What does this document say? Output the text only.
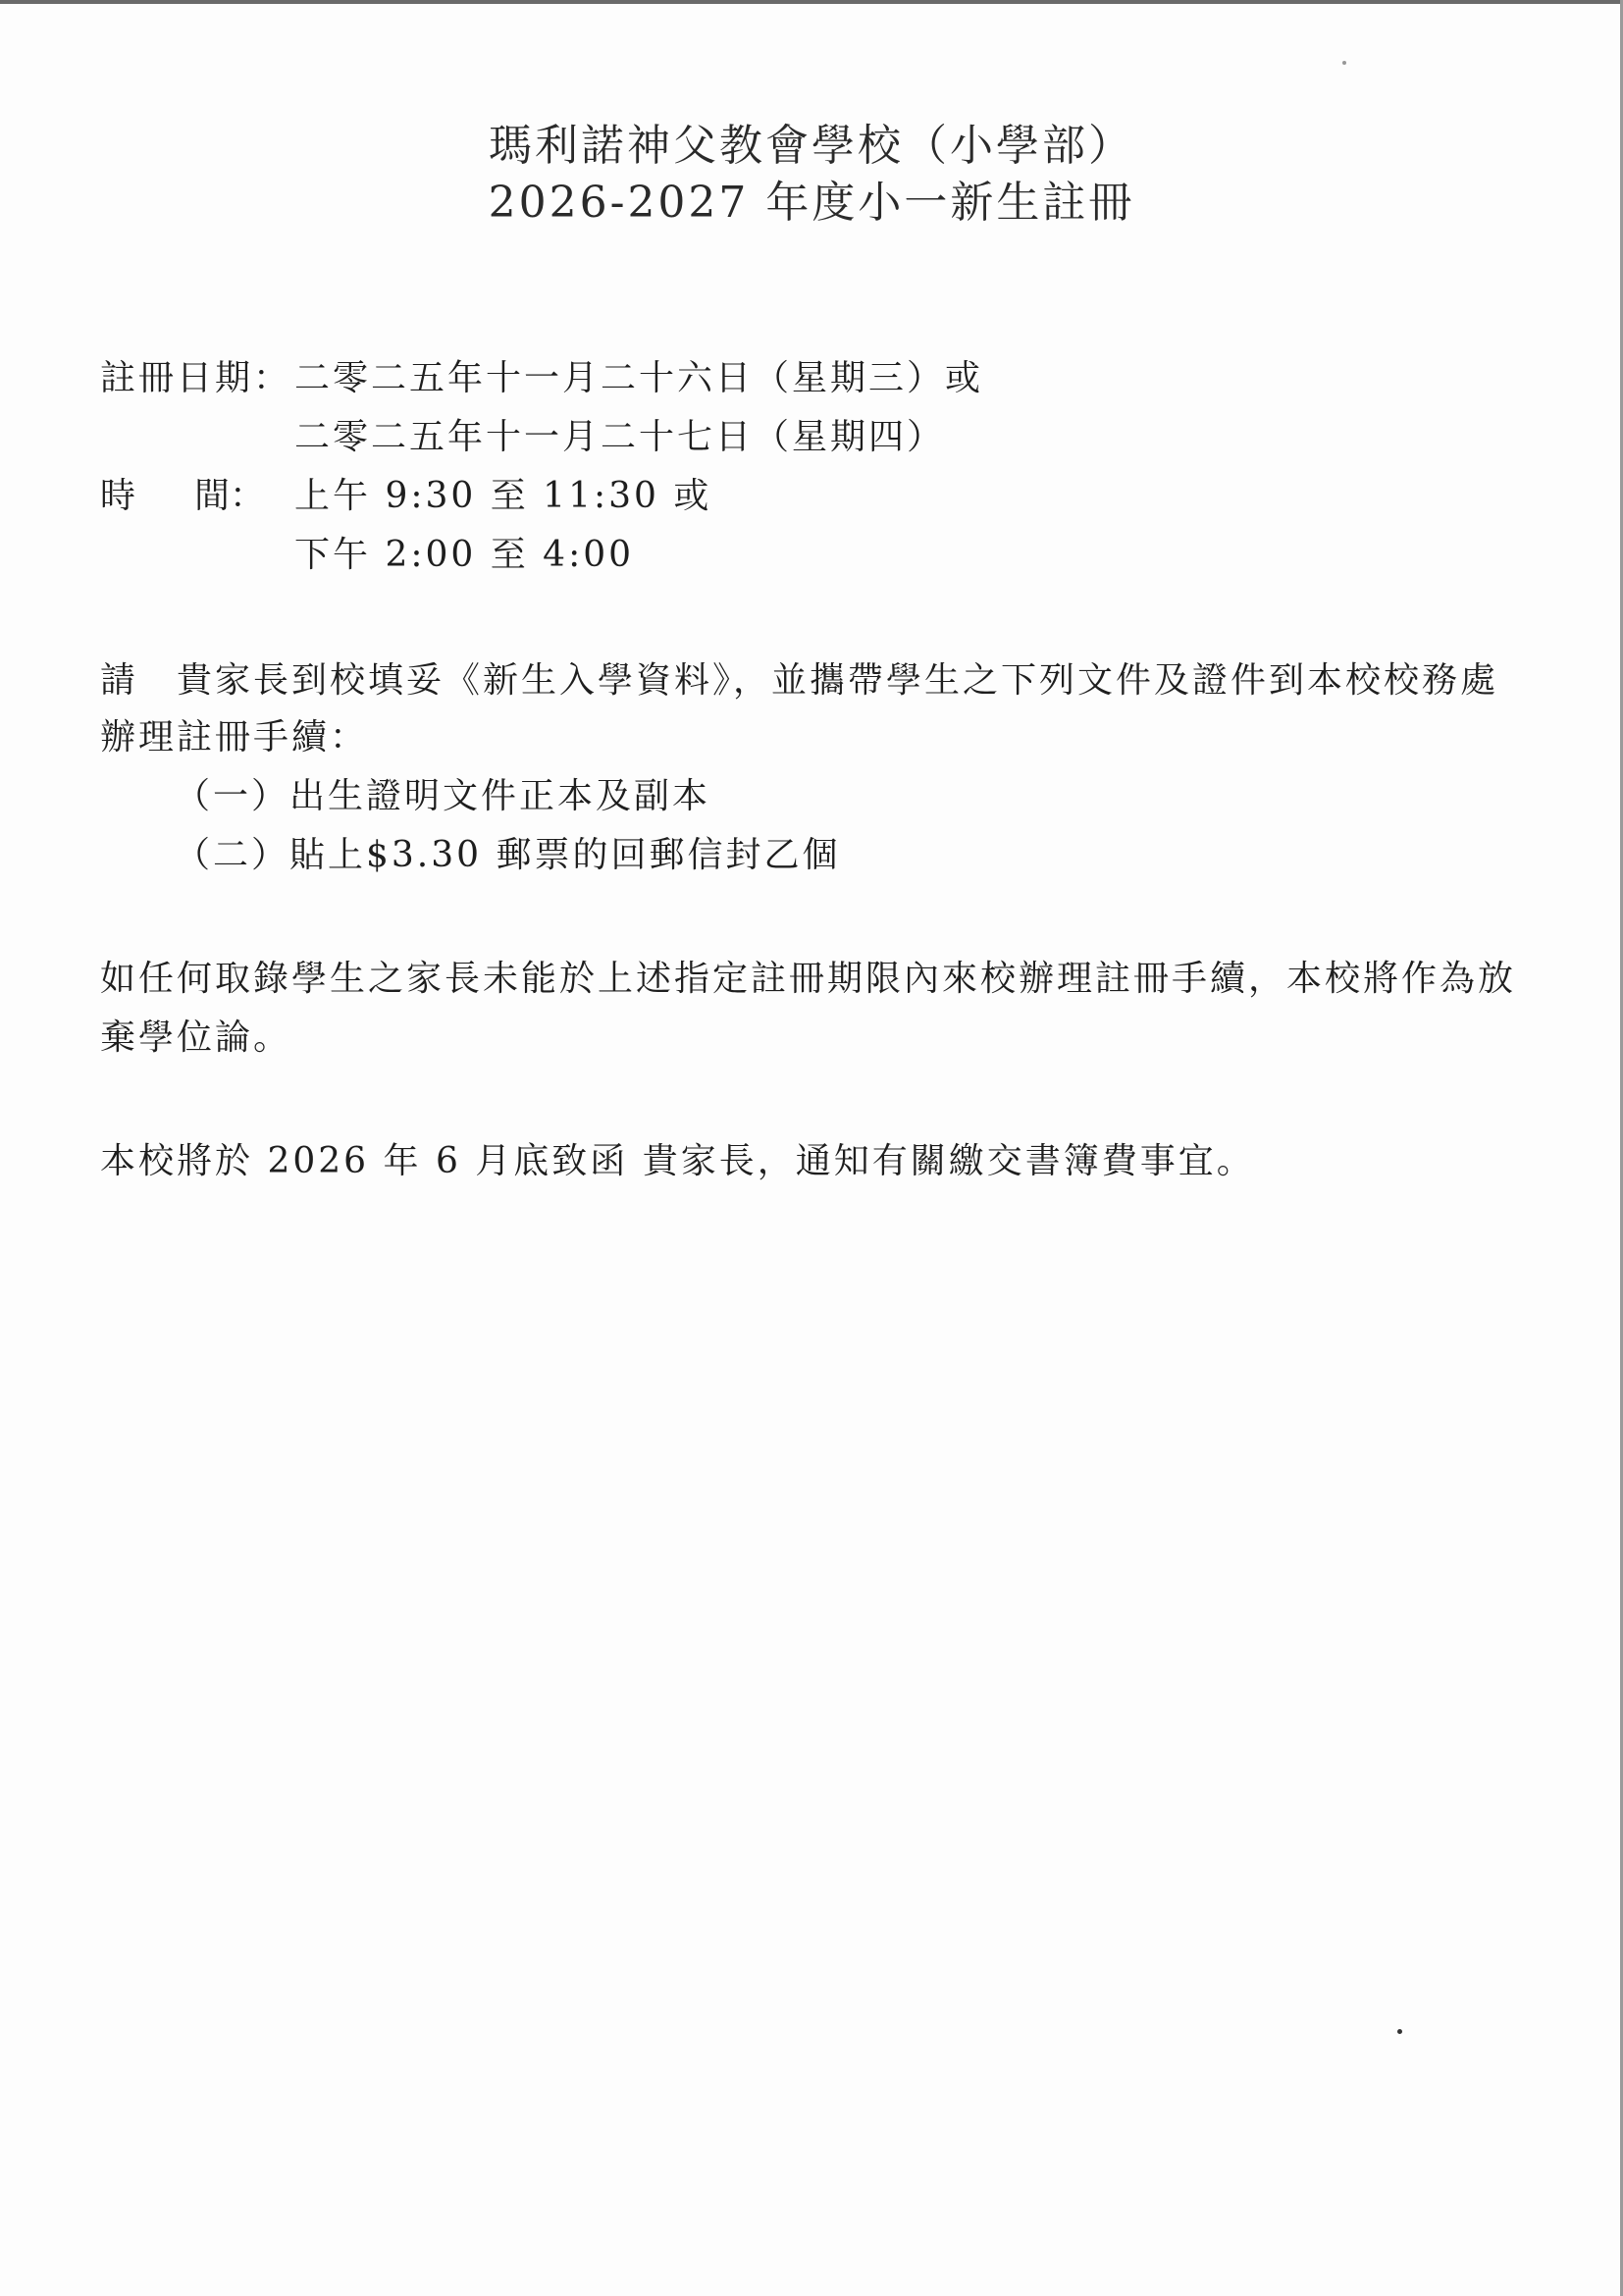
瑪利諾神父教會學校（小學部）
2026-2027 年度小一新生註冊
註冊日期： 二零二五年十一月二十六日（星期三）或
二零二五年十一月二十七日（星期四）
時 間： 上午 9:30 至 11:30 或
下午 2:00 至 4:00
請　貴家長到校填妥《新生入學資料》，並攜帶學生之下列文件及證件到本校校務處
辦理註冊手續：
（一）出生證明文件正本及副本
（二）貼上$3.30 郵票的回郵信封乙個
如任何取錄學生之家長未能於上述指定註冊期限內來校辦理註冊手續，本校將作為放
棄學位論。
本校將於 2026 年 6 月底致函 貴家長，通知有關繳交書簿費事宜。
